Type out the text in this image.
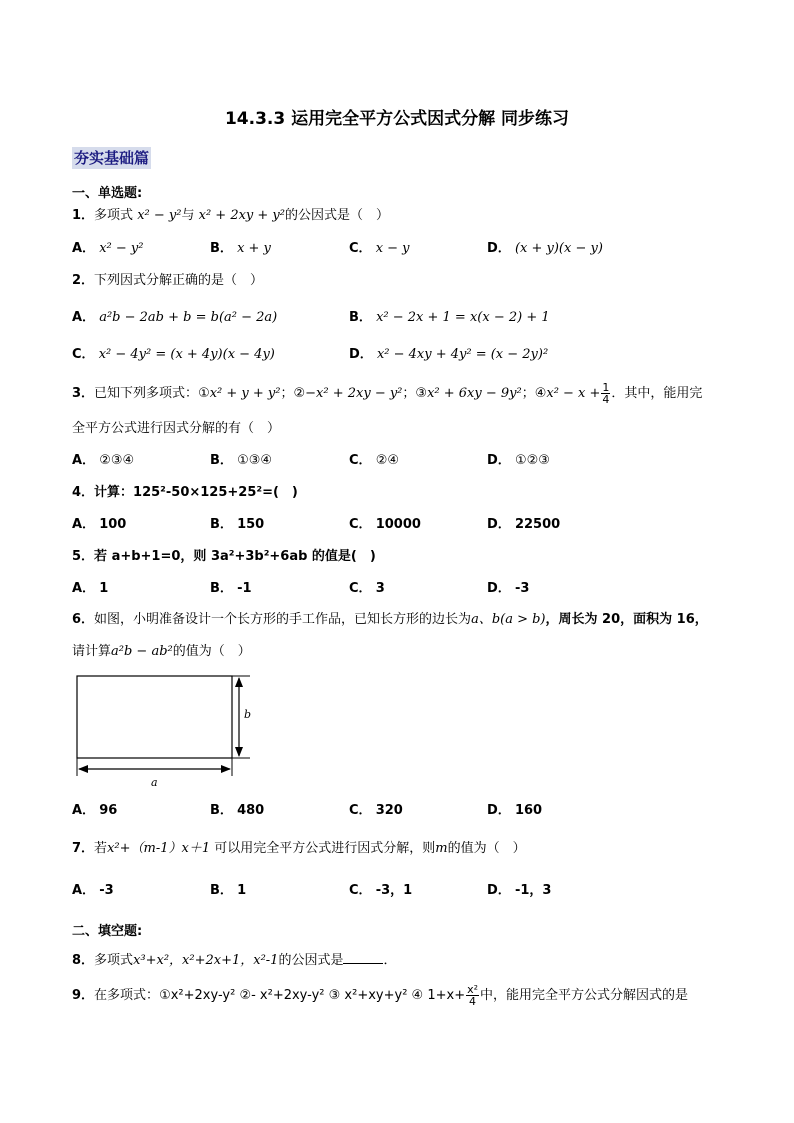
14.3.3 运用完全平方公式因式分解 同步练习
夯实基础篇
一、单选题:
1．多项式 x² − y²与 x² + 2xy + y²的公因式是（　）
A． x² − y²	B． x + y	C． x − y	D． (x + y)(x − y)
2．下列因式分解正确的是（　）
A． a²b − 2ab + b = b(a² − 2a)	B． x² − 2x + 1 = x(x − 2) + 1
C． x² − 4y² = (x + 4y)(x − 4y)	D． x² − 4xy + 4y² = (x − 2y)²
3．已知下列多项式：①x² + y + y²；②−x² + 2xy − y²；③x² + 6xy − 9y²；④x² − $x + \frac{1}{4}$ ．其中，能用完
全平方公式进行因式分解的有（　）
A． ②③④	B． ①③④	C． ②④	D． ①②③
4．计算：125²-50×125+25²=(　)
A． 100	B． 150	C． 10000	D． 22500
5．若 a+b+1=0，则 3a²+3b²+6ab 的值是(　)
A． 1	B． -1	C． 3	D． -3
6．如图，小明准备设计一个长方形的手工作品，已知长方形的边长为a、b(a > b)，周长为 20，面积为 16，
请计算a²b − ab²的值为（　）
b
a
A． 96	B． 480	C． 320	D． 160
7．若x²+（m-1）x＋1 可以用完全平方公式进行因式分解，则m的值为（　）
A． -3	B． 1	C． -3，1	D． -1，3
二、填空题:
8．多项式x³+x²，x²+2x+1，x²-1的公因式是	．
9．在多项式：①x²+2xy-y² ②- x²+2xy-y² ③ x²+xy+y² ④ $1+x+ \frac{\text{x²}}{4}$ 中，能用完全平方公式分解因式的是
